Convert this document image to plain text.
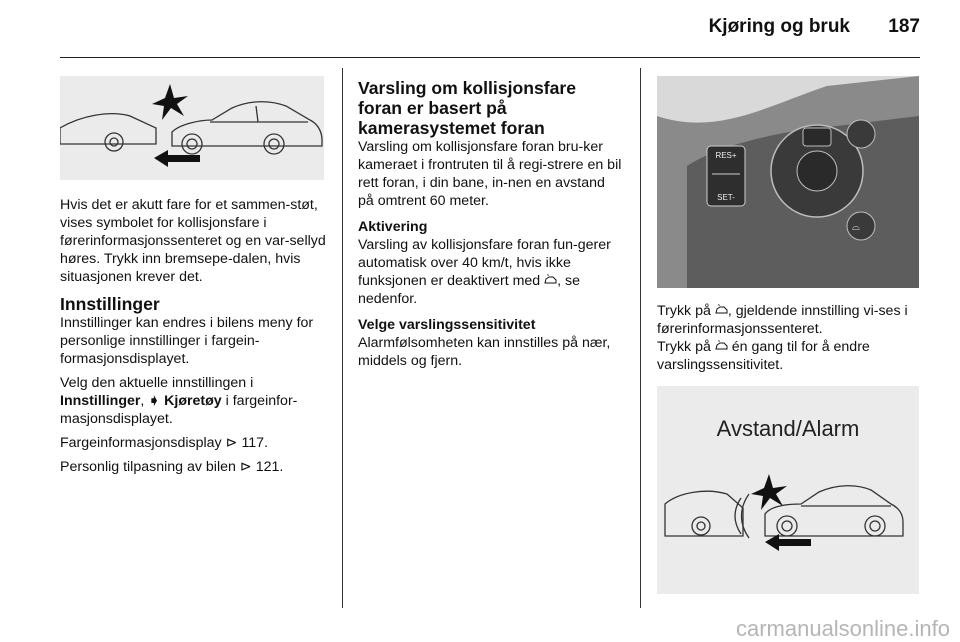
Kjøring og bruk	187

Hvis det er akutt fare for et sammen-støt, vises symbolet for kollisjonsfare i førerinformasjonssenteret og en var-sellyd høres. Trykk inn bremsepe-dalen, hvis situasjonen krever det.

Innstillinger

Innstillinger kan endres i bilens meny for personlige innstillinger i fargein-formasjonsdisplayet.

Velg den aktuelle innstillingen i Innstillinger, ➧ Kjøretøy i fargeinfor-masjonsdisplayet.

Fargeinformasjonsdisplay ⊳ 117.

Personlig tilpasning av bilen ⊳ 121.

Varsling om kollisjonsfare foran er basert på kamerasystemet foran

Varsling om kollisjonsfare foran bru-ker kameraet i frontruten til å regi-strere en bil rett foran, i din bane, in-nen en avstand på omtrent 60 meter.

Aktivering

Varsling av kollisjonsfare foran fun-gerer automatisk over 40 km/t, hvis ikke funksjonen er deaktivert med , se nedenfor.

Velge varslingssensitivitet

Alarmfølsomheten kan innstilles på nær, middels og fjern.

RES+
SET-
⌓

Trykk på , gjeldende innstilling vi-ses i førerinformasjonssenteret.

Trykk på én gang til for å endre varslingssensitivitet.

Avstand/Alarm
carmanualsonline.info
